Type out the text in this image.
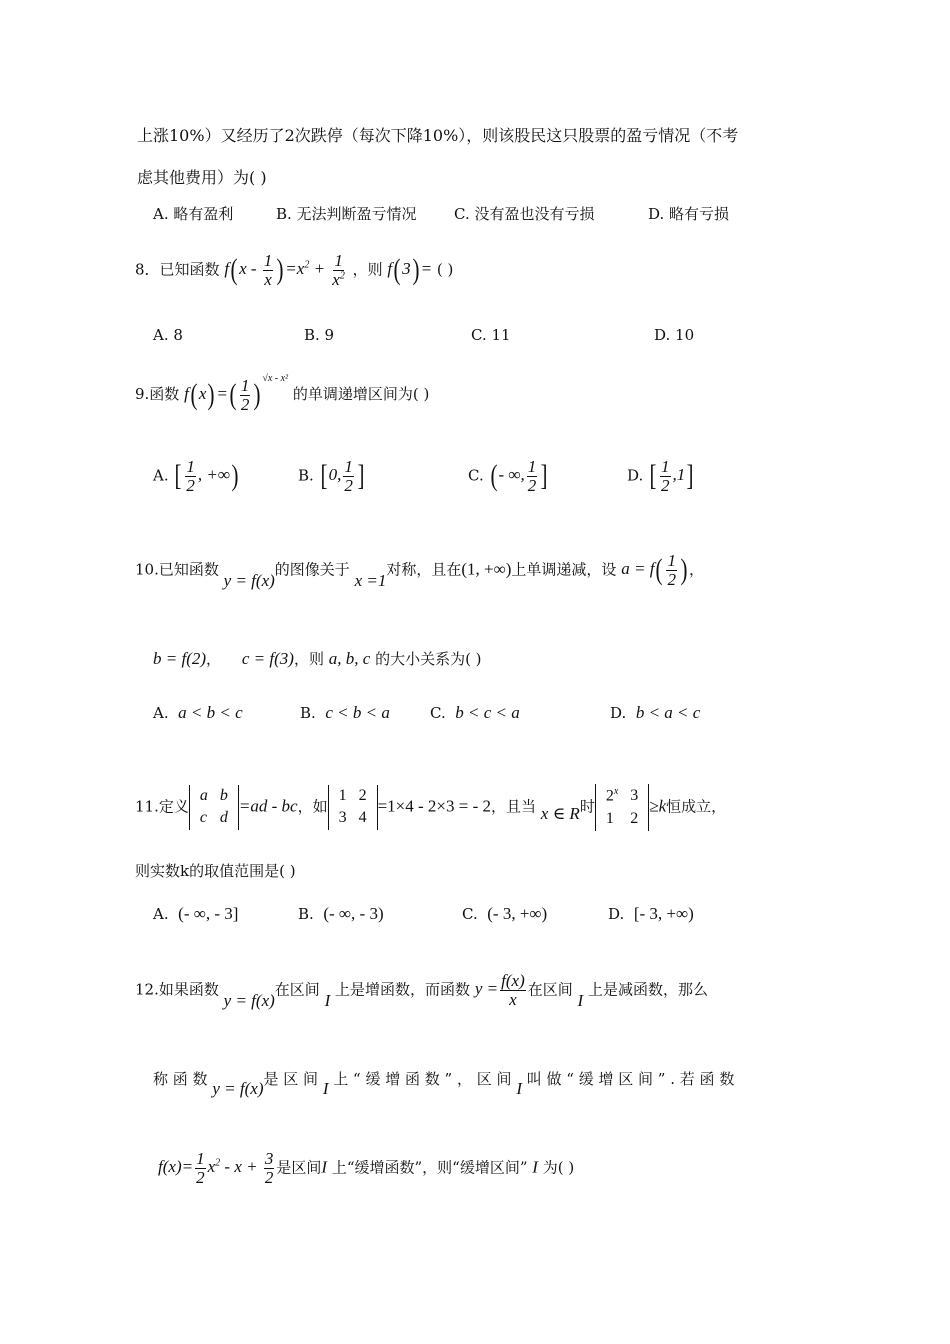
上涨10%）又经历了2次跌停（每次下降10%），则该股民这只股票的盈亏情况（不考
虑其他费用）为( )
A. 略有盈利	B. 无法判断盈亏情况 C. 没有盈也没有亏损	D. 略有亏损
8．已知函数 $f(x - \frac{1}{x} )=x^2 + \frac{1}{x^2}$ ，则 f(3)= ( )
A. 8	B. 9	C. 11	D. 10
9.函数 $f(x)=( \frac{1}{2}$ ) $^{√x - x^2}$ 的单调递增区间为( )
A. [ $\frac{1}{2}$ , +∞)	B. [0, $\frac{1}{2}$ ]	C. (- ∞, $\frac{1}{2}$ ]	D. [ $\frac{1}{2} ,1$]
10.已知函数 y = f(x)的图像关于 x =1对称，且在(1, +∞)上单调递减，设 $a = f( \frac{1}{2}$ ) ，
b = f(2)， c = f(3)，则 a, b, c 的大小关系为( )
A. a < b < c	B. c < b < a	C. b < c < a	D. b < a < c
11.定义
a	b
c	d
=ad - bc，如
1	2
3	4
=1×4 - 2×3 = - 2，且当 x ∈ R时
2$^x$	3
1	2
≥k恒成立，
则实数k的取值范围是( )
A. (- ∞, - 3]	B. (- ∞, - 3)	C. (- 3, +∞)	D. [- 3, +∞)
12.如果函数 y = f(x)在区间 I 上是增函数，而函数 $y = \frac{f(x)}{x}$ 在区间 I 上是减函数，那么
称 函 数 y = f(x)是 区 间 I 上 “ 缓 增 函 数 ” ， 区 间 I 叫 做 “ 缓 增 区 间 ” . 若 函 数
$f(x)= \frac{1}{2} x^2 - x + \frac{3}{2}$ 是区间I 上“缓增函数”，则“缓增区间” I 为( )
